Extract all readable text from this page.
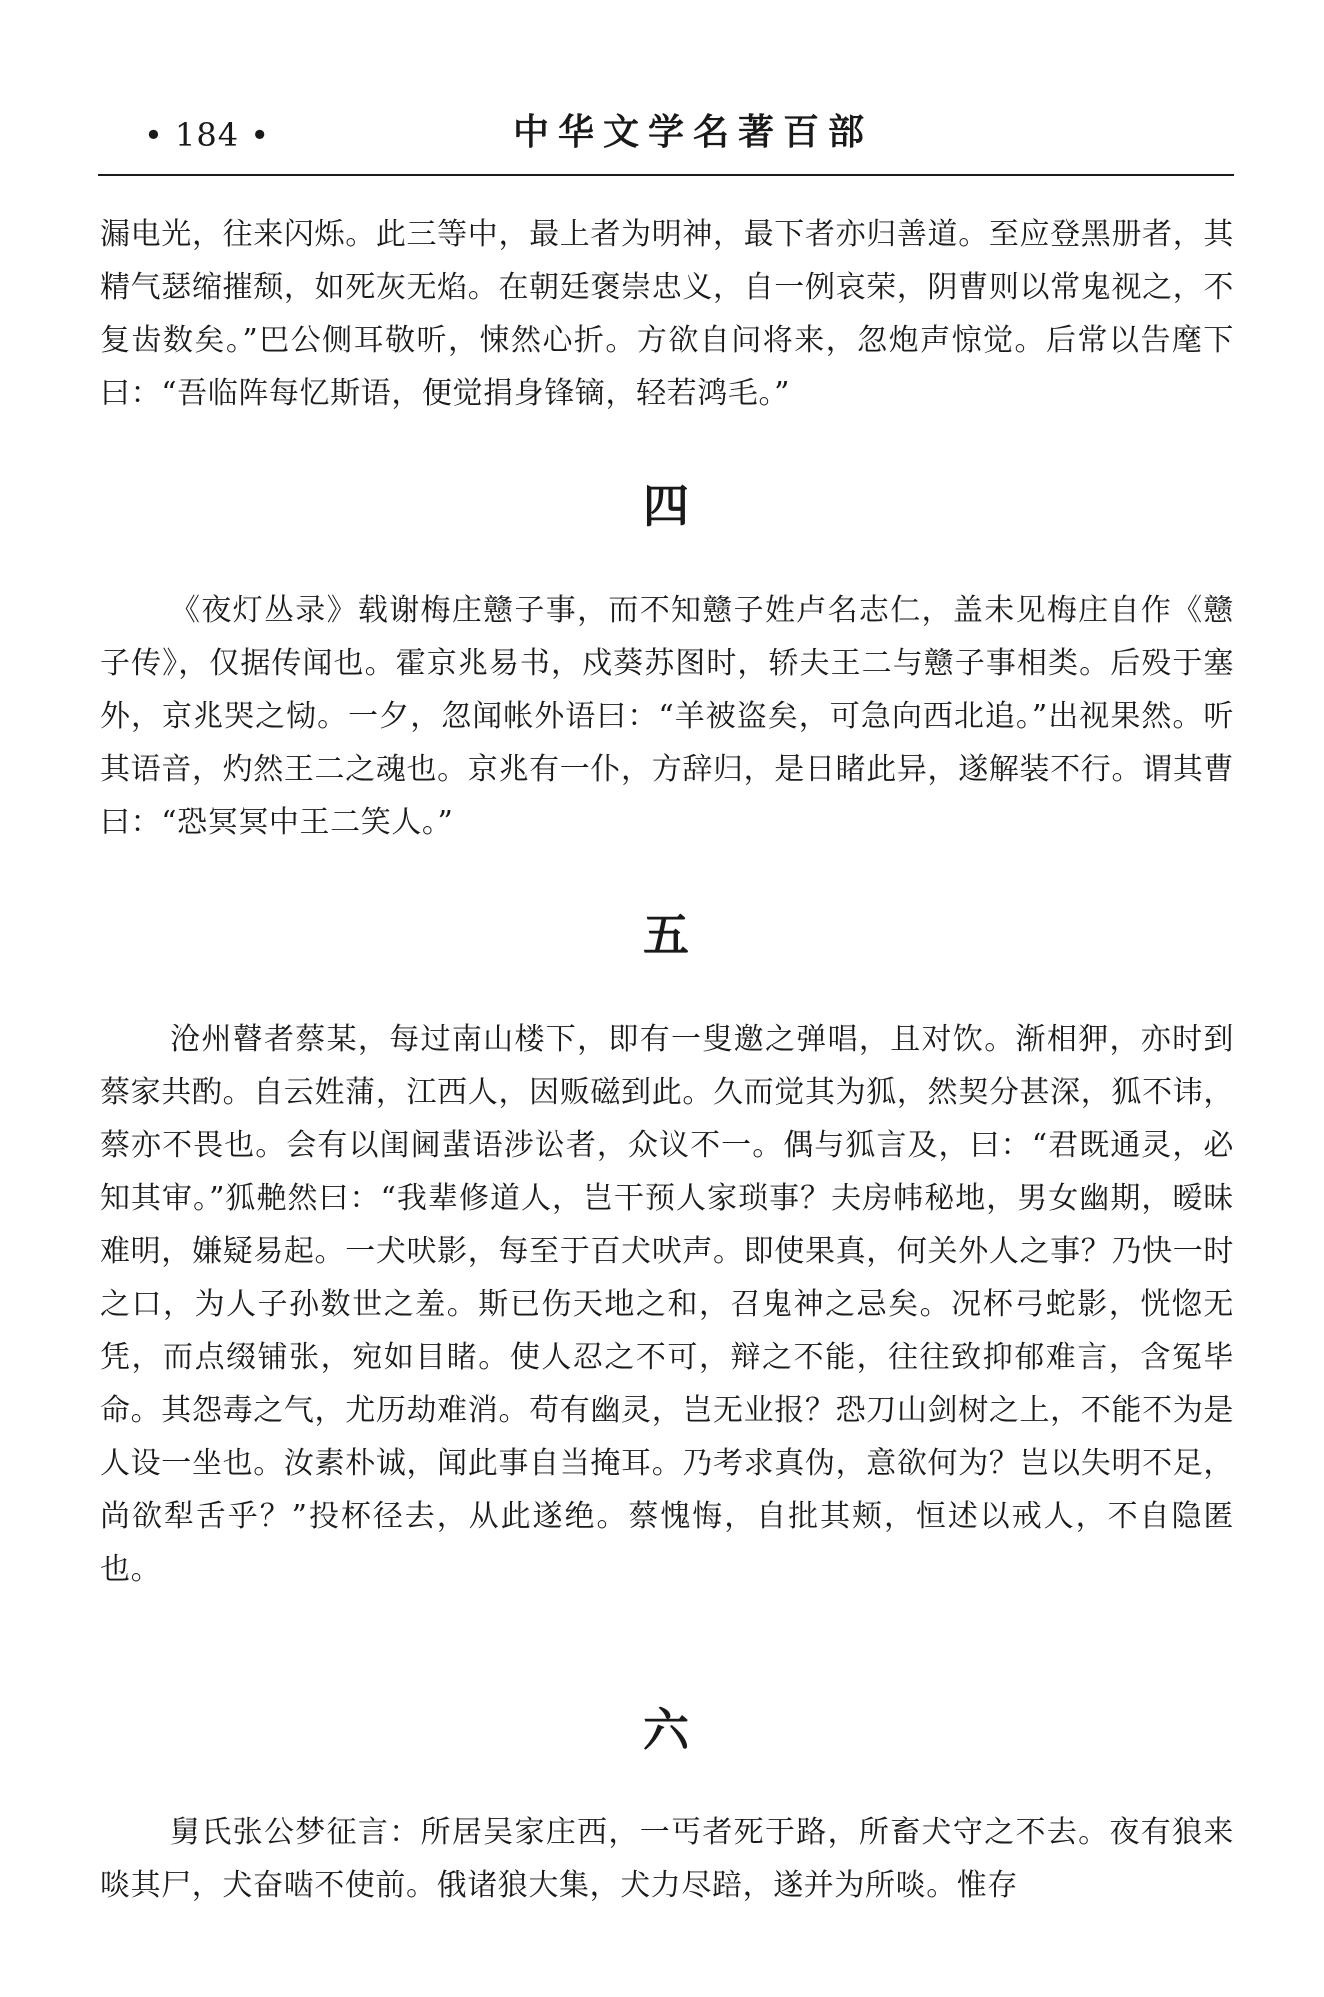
• 184 •	中华文学名著百部

漏电光，往来闪烁。此三等中，最上者为明神，最下者亦归善道。至应登黑册者，其精气瑟缩摧颓，如死灰无焰。在朝廷褒崇忠义，自一例哀荣，阴曹则以常鬼视之，不复齿数矣。”巴公侧耳敬听，悚然心折。方欲自问将来，忽炮声惊觉。后常以告麾下曰：“吾临阵每忆斯语，便觉捐身锋镝，轻若鸿毛。”

四

《夜灯丛录》载谢梅庄戆子事，而不知戆子姓卢名志仁，盖未见梅庄自作《戆子传》，仅据传闻也。霍京兆易书，戍葵苏图时，轿夫王二与戆子事相类。后殁于塞外，京兆哭之恸。一夕，忽闻帐外语曰：“羊被盗矣，可急向西北追。”出视果然。听其语音，灼然王二之魂也。京兆有一仆，方辞归，是日睹此异，遂解装不行。谓其曹曰：“恐冥冥中王二笑人。”

五

沧州瞽者蔡某，每过南山楼下，即有一叟邀之弹唱，且对饮。渐相狎，亦时到蔡家共酌。自云姓蒲，江西人，因贩磁到此。久而觉其为狐，然契分甚深，狐不讳，蔡亦不畏也。会有以闺阃蜚语涉讼者，众议不一。偶与狐言及，曰：“君既通灵，必知其审。”狐艴然曰：“我辈修道人，岂干预人家琐事？夫房帏秘地，男女幽期，暧昧难明，嫌疑易起。一犬吠影，每至于百犬吠声。即使果真，何关外人之事？乃快一时之口，为人子孙数世之羞。斯已伤天地之和，召鬼神之忌矣。况杯弓蛇影，恍惚无凭，而点缀铺张，宛如目睹。使人忍之不可，辩之不能，往往致抑郁难言，含冤毕命。其怨毒之气，尤历劫难消。苟有幽灵，岂无业报？恐刀山剑树之上，不能不为是人设一坐也。汝素朴诚，闻此事自当掩耳。乃考求真伪，意欲何为？岂以失明不足，尚欲犁舌乎？”投杯径去，从此遂绝。蔡愧悔，自批其颊，恒述以戒人，不自隐匿也。

六

舅氏张公梦征言：所居吴家庄西，一丐者死于路，所畜犬守之不去。夜有狼来啖其尸，犬奋啮不使前。俄诸狼大集，犬力尽踣，遂并为所啖。惟存
